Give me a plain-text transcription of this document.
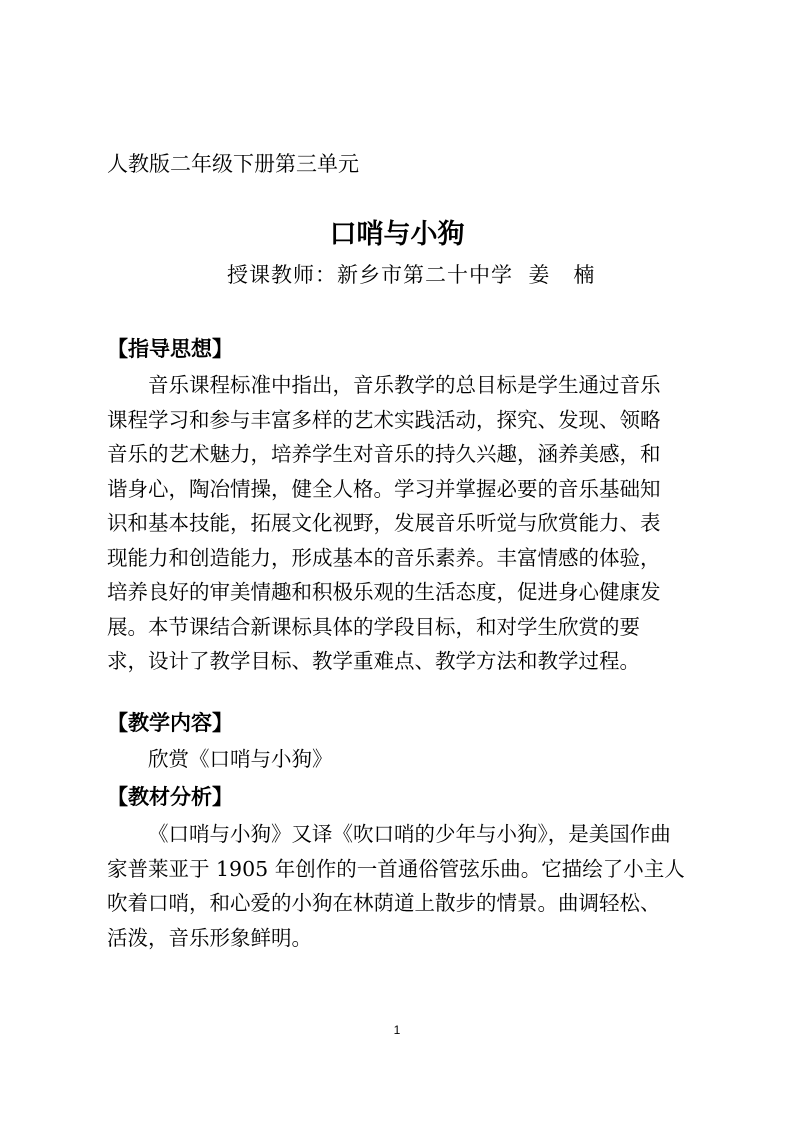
人教版二年级下册第三单元
口哨与小狗
授课教师：新乡市第二十中学  姜   楠
【指导思想】
音乐课程标准中指出，音乐教学的总目标是学生通过音乐
课程学习和参与丰富多样的艺术实践活动，探究、发现、领略
音乐的艺术魅力，培养学生对音乐的持久兴趣，涵养美感，和
谐身心，陶冶情操，健全人格。学习并掌握必要的音乐基础知
识和基本技能，拓展文化视野，发展音乐听觉与欣赏能力、表
现能力和创造能力，形成基本的音乐素养。丰富情感的体验，
培养良好的审美情趣和积极乐观的生活态度，促进身心健康发
展。本节课结合新课标具体的学段目标，和对学生欣赏的要
求，设计了教学目标、教学重难点、教学方法和教学过程。
【教学内容】
欣赏《口哨与小狗》
【教材分析】
《口哨与小狗》又译《吹口哨的少年与小狗》，是美国作曲
家普莱亚于 1905 年创作的一首通俗管弦乐曲。它描绘了小主人
吹着口哨，和心爱的小狗在林荫道上散步的情景。曲调轻松、
活泼，音乐形象鲜明。
1
